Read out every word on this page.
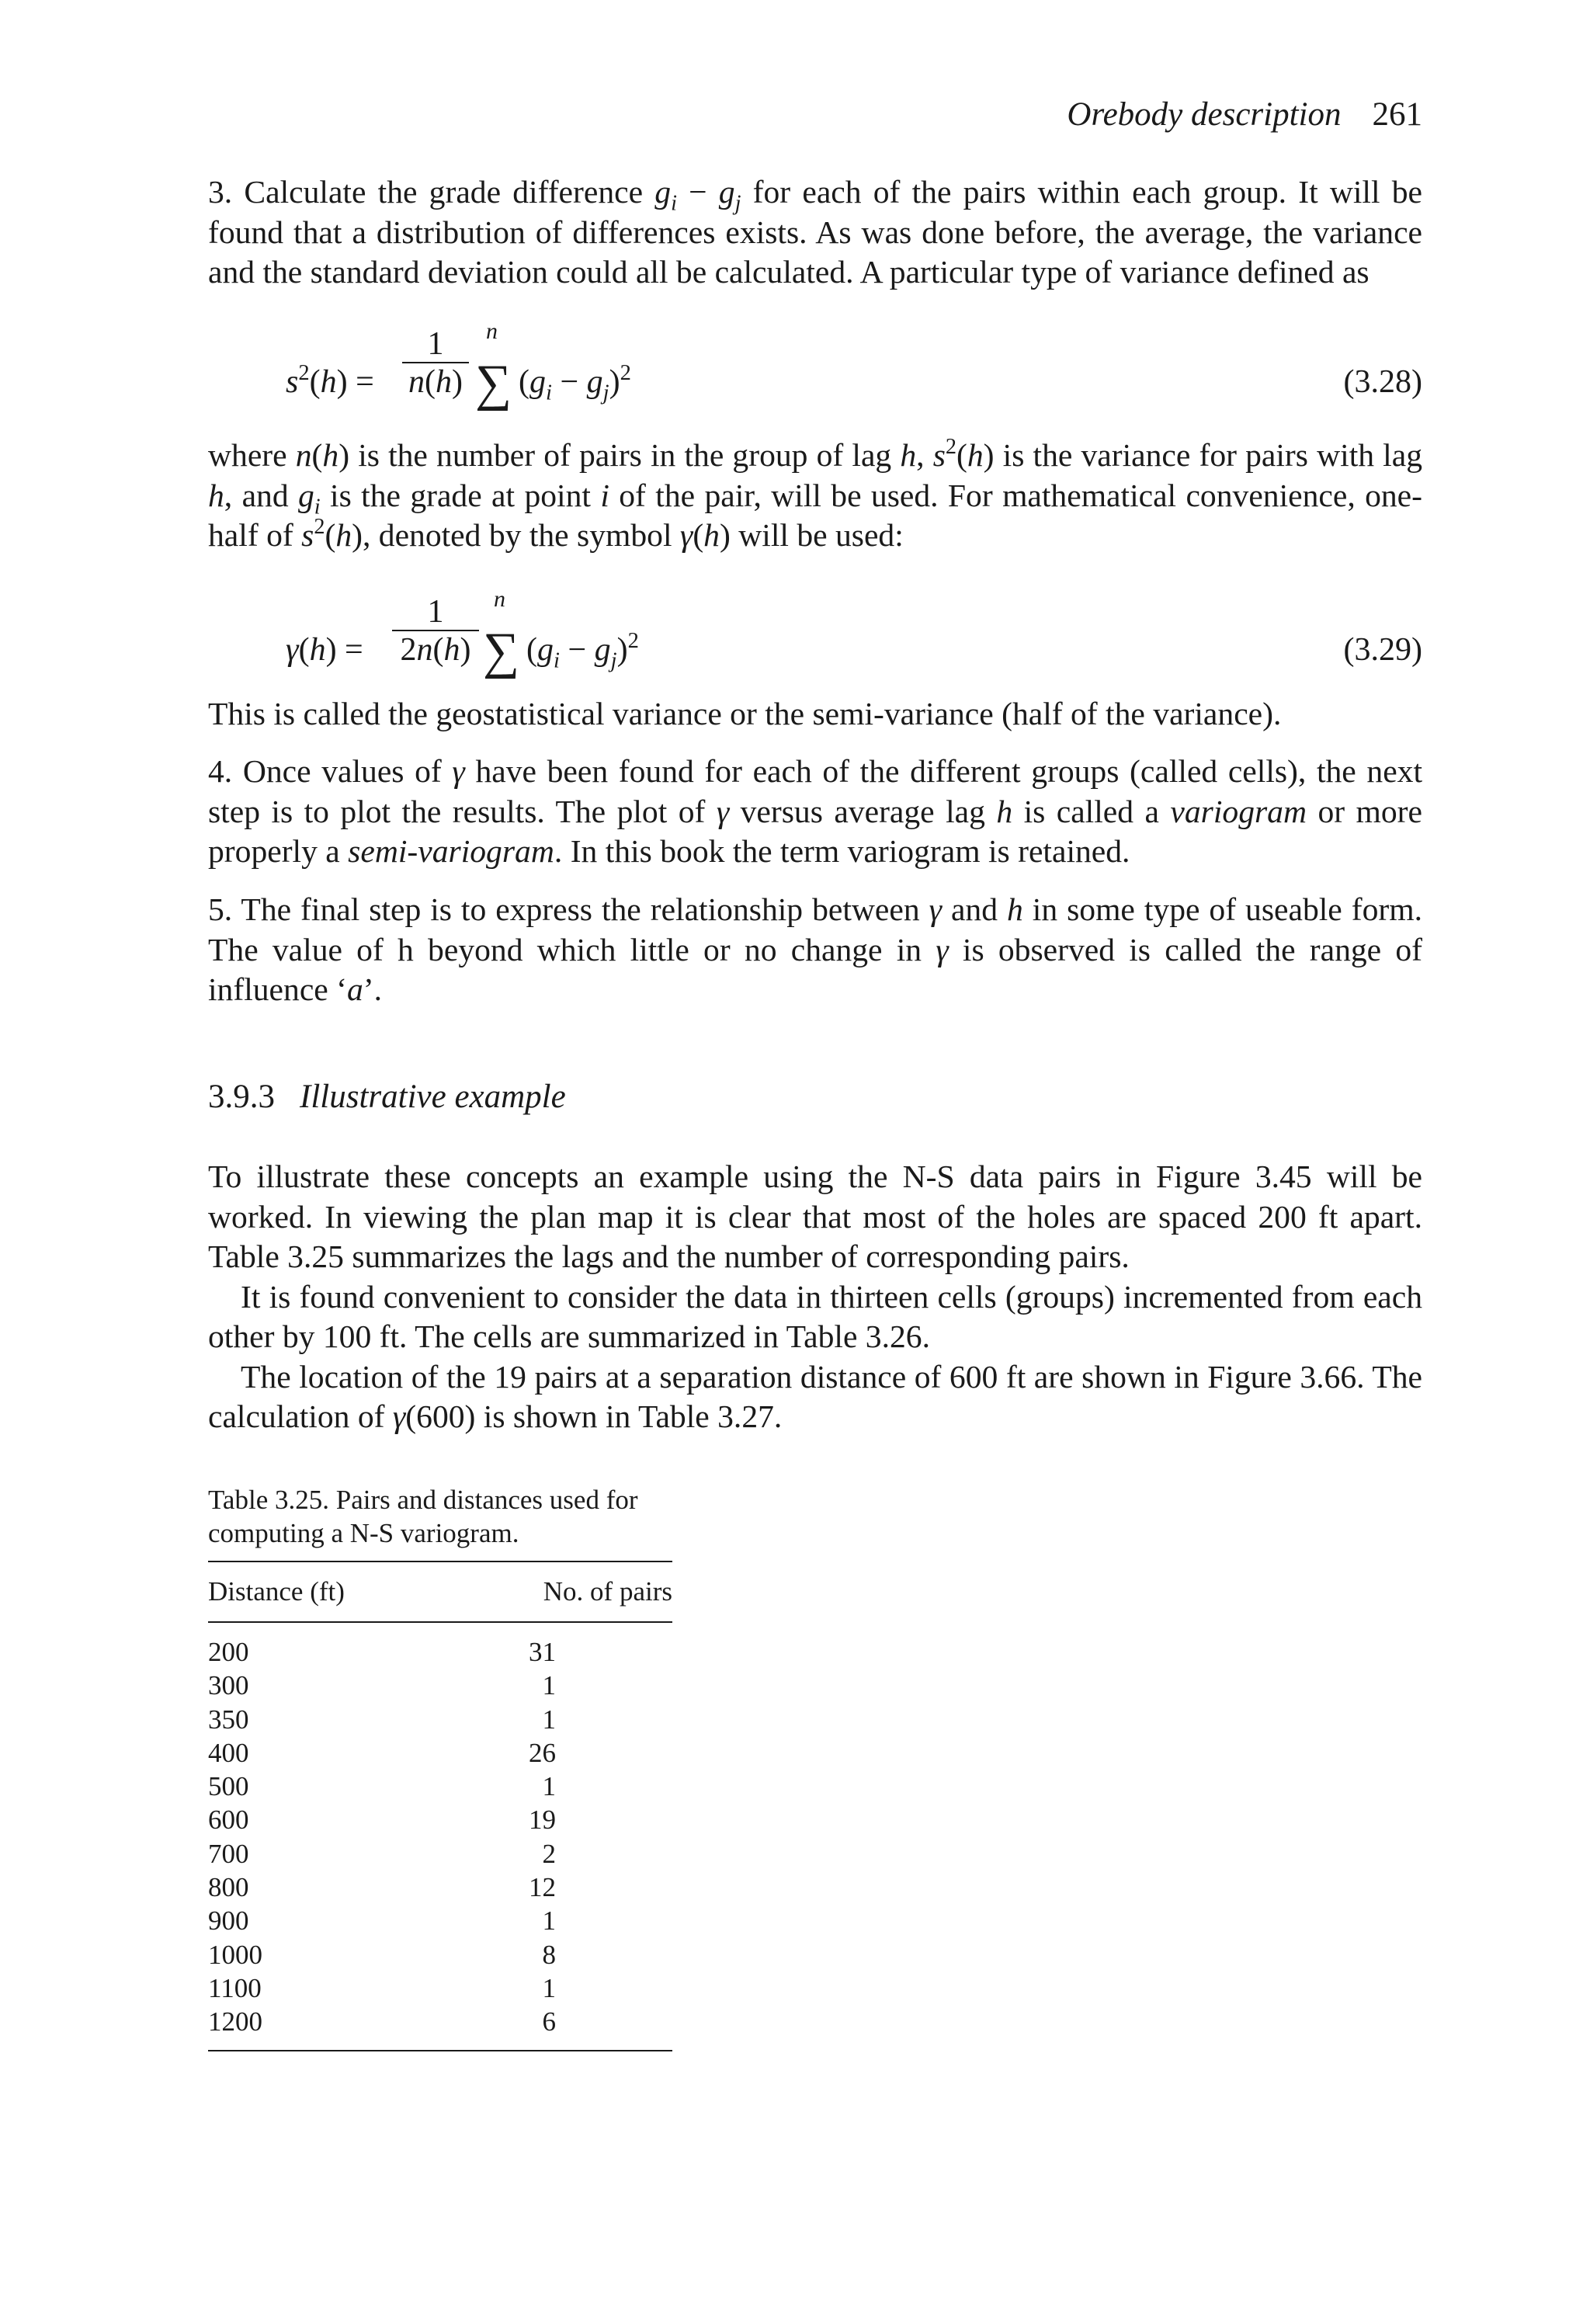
Orebody description 261

3. Calculate the grade difference $g_i - g_j$ for each of the pairs within each group. It will be found that a distribution of differences exists. As was done before, the average, the variance and the standard deviation could all be calculated. A particular type of variance defined as

$s^2(h)$ =
1
n(h)
n
∑ $(g_i - g_j)^2$	(3.28)

where n(h) is the number of pairs in the group of lag h, $s^2(h)$ is the variance for pairs with lag h, and $g_i$ is the grade at point i of the pair, will be used. For mathematical convenience, one-half of $s^2(h)$, denoted by the symbol γ(h) will be used:

γ(h) =
1
2n(h)
n
∑ $(g_i - g_j)^2$	(3.29)

This is called the geostatistical variance or the semi-variance (half of the variance).

4. Once values of γ have been found for each of the different groups (called cells), the next step is to plot the results. The plot of γ versus average lag h is called a variogram or more properly a semi-variogram. In this book the term variogram is retained.

5. The final step is to express the relationship between γ and h in some type of useable form. The value of h beyond which little or no change in γ is observed is called the range of influence ‘a’.

3.9.3 Illustrative example

To illustrate these concepts an example using the N-S data pairs in Figure 3.45 will be worked. In viewing the plan map it is clear that most of the holes are spaced 200 ft apart. Table 3.25 summarizes the lags and the number of corresponding pairs.

It is found convenient to consider the data in thirteen cells (groups) incremented from each other by 100 ft. The cells are summarized in Table 3.26.

The location of the 19 pairs at a separation distance of 600 ft are shown in Figure 3.66. The calculation of γ(600) is shown in Table 3.27.

Table 3.25. Pairs and distances used for computing a N-S variogram.
Distance (ft)	No. of pairs
200	31
300	1
350	1
400	26
500	1
600	19
700	2
800	12
900	1
1000	8
1100	1
1200	6
